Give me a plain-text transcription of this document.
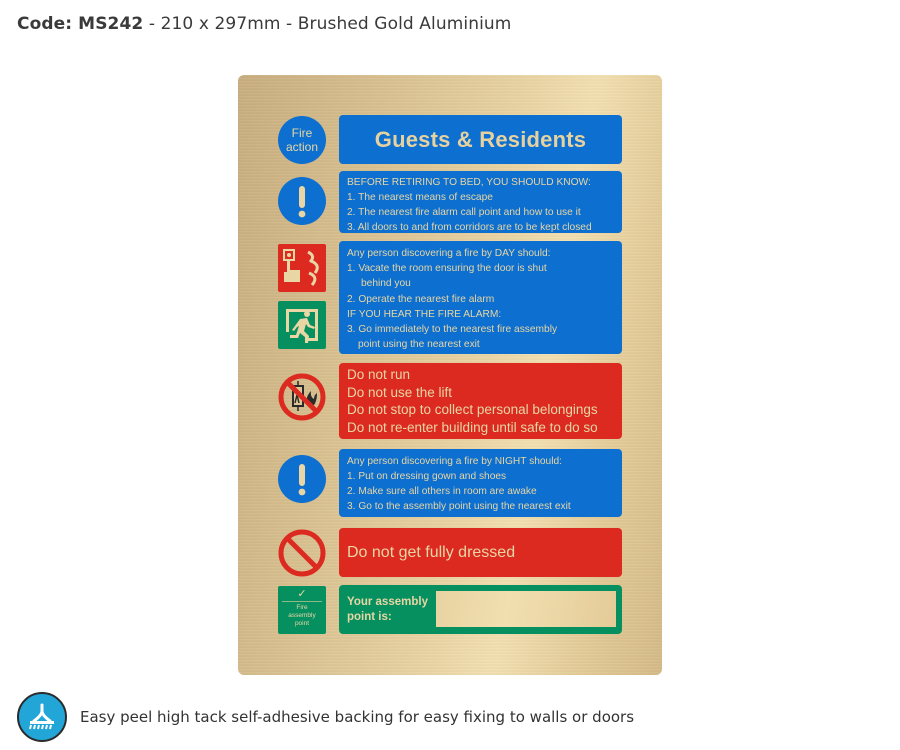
Code: MS242 - 210 x 297mm - Brushed Gold Aluminium
Fire
action	Guests & Residents
BEFORE RETIRING TO BED, YOU SHOULD KNOW:
1. The nearest means of escape
2. The nearest fire alarm call point and how to use it
3. All doors to and from corridors are to be kept closed
Any person discovering a fire by DAY should:
1. Vacate the room ensuring the door is shut
behind you
2. Operate the nearest fire alarm
IF YOU HEAR THE FIRE ALARM:
3. Go immediately to the nearest fire assembly
point using the nearest exit
Do not run
Do not use the lift
Do not stop to collect personal belongings
Do not re-enter building until safe to do so
Any person discovering a fire by NIGHT should:
1. Put on dressing gown and shoes
2. Make sure all others in room are awake
3. Go to the assembly point using the nearest exit
Do not get fully dressed
✓
Fire
assembly
point
Your assembly
point is:
Easy peel high tack self-adhesive backing for easy fixing to walls or doors
